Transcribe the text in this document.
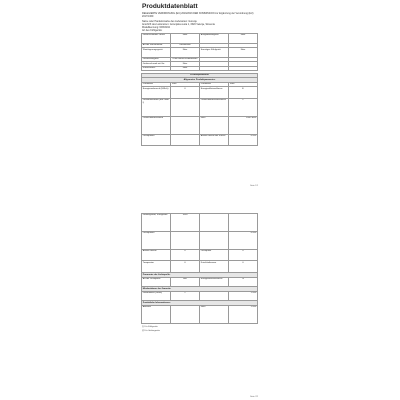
Produktdatenblatt
DELEGIERTE VERORDNUNG (EU) 2019/2016 DER KOMMISSION zur Ergänzung der Verordnung (EU) 2017/1369
Name oder Handelsmarke des Lieferanten: Gorenje
Anschrift des Lieferanten: Gorenjska cesta 1, 3320 Velenje, Slovenia
Modellkennung: NRK6192
Art des Kühlgeräts:
Geräuscharmes Gerät:	Nein	Ausgabekategorie:	Nein
Art der Konstruktion:	freistehend		
Weinlagerungsgerät:	Nein	Sonstiges Kühlgerät:	Nein
Gerätekategorie:	Kühl-Gefrier-Kombination		
Gefrierschrank mit Ge:	Nein		
Kühlschrank:	Nein		
Produktparameter			
Allgemeine Produktparameter:			
Parameter	Wert	Parameter	Wert
Energieverbrauch (kWh/a)	0	Energieeffizienzklasse	E
Gesamtvolumen (dm³ oder l)		Luftschallemissionsklasse	C
Luftschallemissionen		Nein	1000 3000
Lichtquellen		Anzahl Sterne der Klasse	0 000
Seite 1/2
Gefriergeräte, Kühlgeräte	1000		
Lichtquellen			0 000
Anzahl Sterne	0	Lichtquelle	0
Temperatur	0	Frischhaltezone	0
Parameter der Lichtquelle:			
Art der Lichtquelle	LED	Energieeffizienzklasse	G
Mindestdauer der Garantie:			
Garantiezeit (Jahre)	2		2 000
Zusätzliche Informationen:			
Abtauen		Nein	2 000
(¹) Für Kühlgeräte
(²) Für Gefriergeräte
Seite 2/2
